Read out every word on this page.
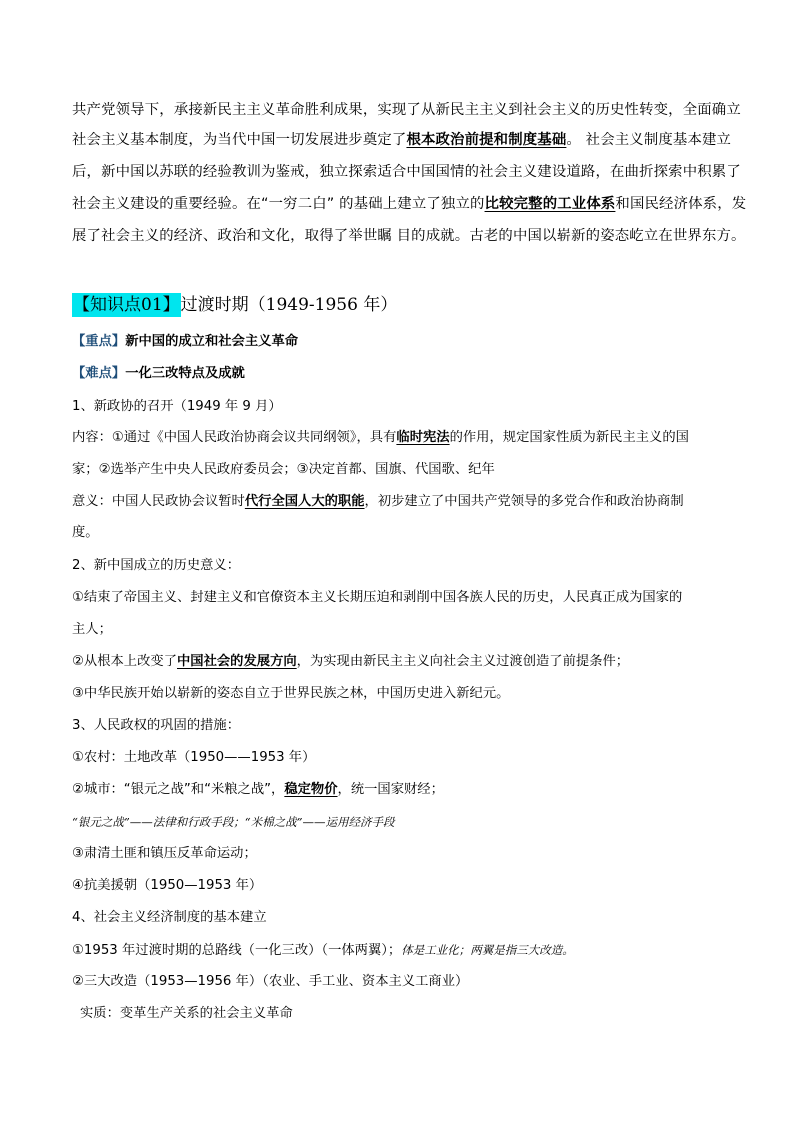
共产党领导下，承接新民主主义革命胜利成果，实现了从新民主主义到社会主义的历史性转变，全面确立

社会主义基本制度，为当代中国一切发展进步奠定了根本政治前提和制度基础。 社会主义制度基本建立

后，新中国以苏联的经验教训为鉴戒，独立探索适合中国国情的社会主义建设道路，在曲折探索中积累了

社会主义建设的重要经验。在“一穷二白” 的基础上建立了独立的比较完整的工业体系和国民经济体系，发

展了社会主义的经济、政治和文化，取得了举世瞩 目的成就。古老的中国以崭新的姿态屹立在世界东方。

【知识点01】过渡时期（1949-1956 年）

【重点】新中国的成立和社会主义革命

【难点】一化三改特点及成就

1、新政协的召开（1949 年 9 月）

内容：①通过《中国人民政治协商会议共同纲领》，具有临时宪法的作用，规定国家性质为新民主主义的国

家；②选举产生中央人民政府委员会；③决定首都、国旗、代国歌、纪年

意义：中国人民政协会议暂时代行全国人大的职能，初步建立了中国共产党领导的多党合作和政治协商制

度。

2、新中国成立的历史意义：

①结束了帝国主义、封建主义和官僚资本主义长期压迫和剥削中国各族人民的历史，人民真正成为国家的

主人；

②从根本上改变了中国社会的发展方向，为实现由新民主主义向社会主义过渡创造了前提条件；

③中华民族开始以崭新的姿态自立于世界民族之林，中国历史进入新纪元。

3、人民政权的巩固的措施：

①农村：土地改革（1950——1953 年）

②城市：“银元之战”和“米粮之战”，稳定物价，统一国家财经；

“银元之战”——法律和行政手段；“米棉之战”——运用经济手段

③肃清土匪和镇压反革命运动；

④抗美援朝（1950—1953 年）

4、社会主义经济制度的基本建立

①1953 年过渡时期的总路线（一化三改）（一体两翼）；体是工业化；两翼是指三大改造。

②三大改造（1953—1956 年）（农业、手工业、资本主义工商业）

实质：变革生产关系的社会主义革命
